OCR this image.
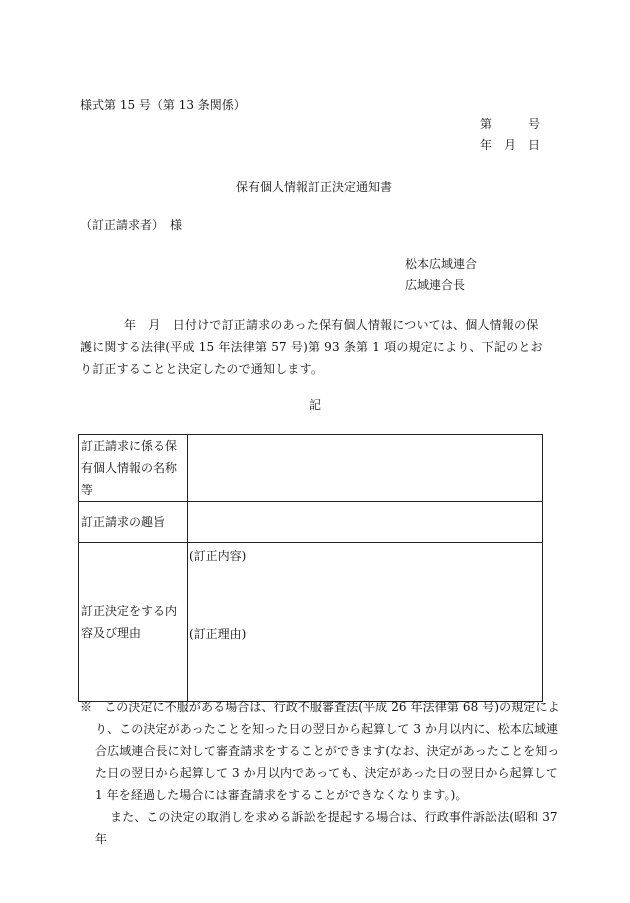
様式第 15 号（第 13 条関係）
第　　　号
年　月　日
保有個人情報訂正決定通知書
（訂正請求者）　様
松本広域連合
広域連合長
年　月　日付けで訂正請求のあった保有個人情報については、個人情報の保護に関する法律(平成 15 年法律第 57 号)第 93 条第 1 項の規定により、下記のとおり訂正することと決定したので通知します。
記
訂正請求に係る保有個人情報の名称等	
訂正請求の趣旨	
訂正決定をする内容及び理由	(訂正内容)
(訂正理由)
※　この決定に不服がある場合は、行政不服審査法(平成 26 年法律第 68 号)の規定により、この決定があったことを知った日の翌日から起算して 3 か月以内に、松本広域連合広域連合長に対して審査請求をすることができます(なお、決定があったことを知った日の翌日から起算して 3 か月以内であっても、決定があった日の翌日から起算して 1 年を経過した場合には審査請求をすることができなくなります。)。
また、この決定の取消しを求める訴訟を提起する場合は、行政事件訴訟法(昭和 37 年
